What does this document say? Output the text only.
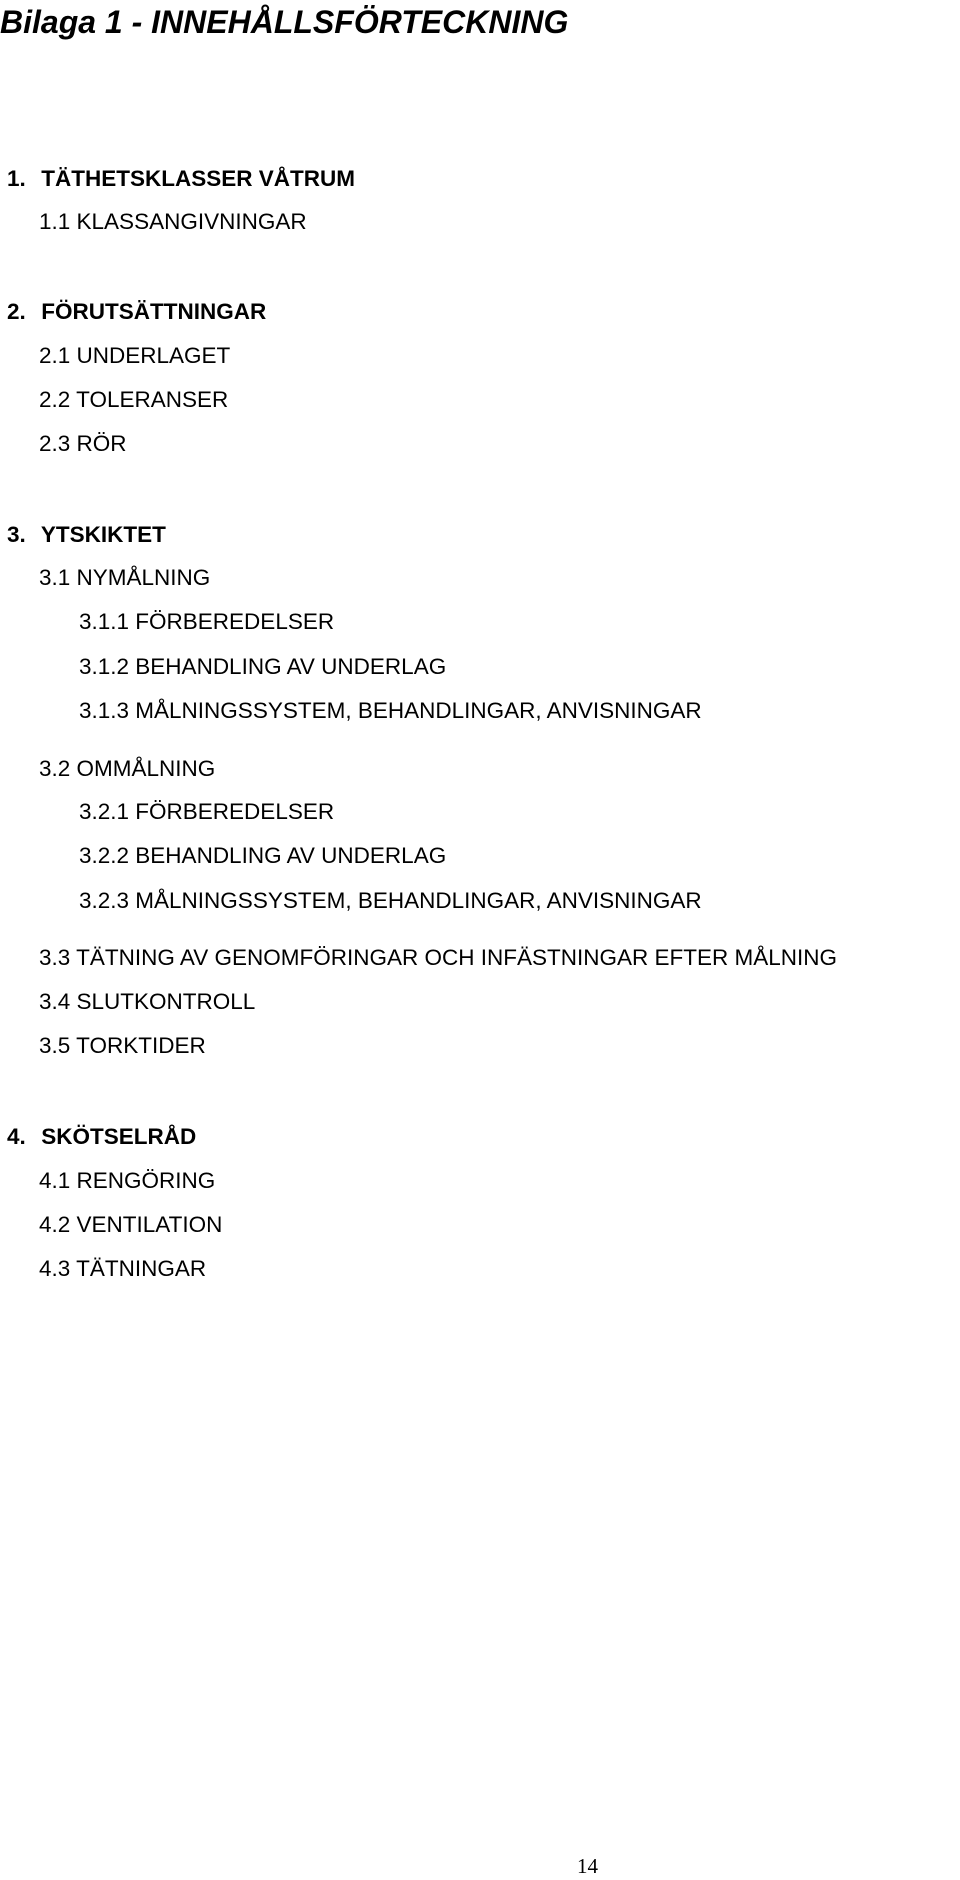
Bilaga 1 - INNEHÅLLSFÖRTECKNING
1. TÄTHETSKLASSER VÅTRUM
1.1 KLASSANGIVNINGAR
2. FÖRUTSÄTTNINGAR
2.1 UNDERLAGET
2.2 TOLERANSER
2.3 RÖR
3. YTSKIKTET
3.1 NYMÅLNING
3.1.1 FÖRBEREDELSER
3.1.2 BEHANDLING AV UNDERLAG
3.1.3 MÅLNINGSSYSTEM, BEHANDLINGAR, ANVISNINGAR
3.2 OMMÅLNING
3.2.1 FÖRBEREDELSER
3.2.2 BEHANDLING AV UNDERLAG
3.2.3 MÅLNINGSSYSTEM, BEHANDLINGAR, ANVISNINGAR
3.3 TÄTNING AV GENOMFÖRINGAR OCH INFÄSTNINGAR EFTER MÅLNING
3.4 SLUTKONTROLL
3.5 TORKTIDER
4. SKÖTSELRÅD
4.1 RENGÖRING
4.2 VENTILATION
4.3 TÄTNINGAR
14
